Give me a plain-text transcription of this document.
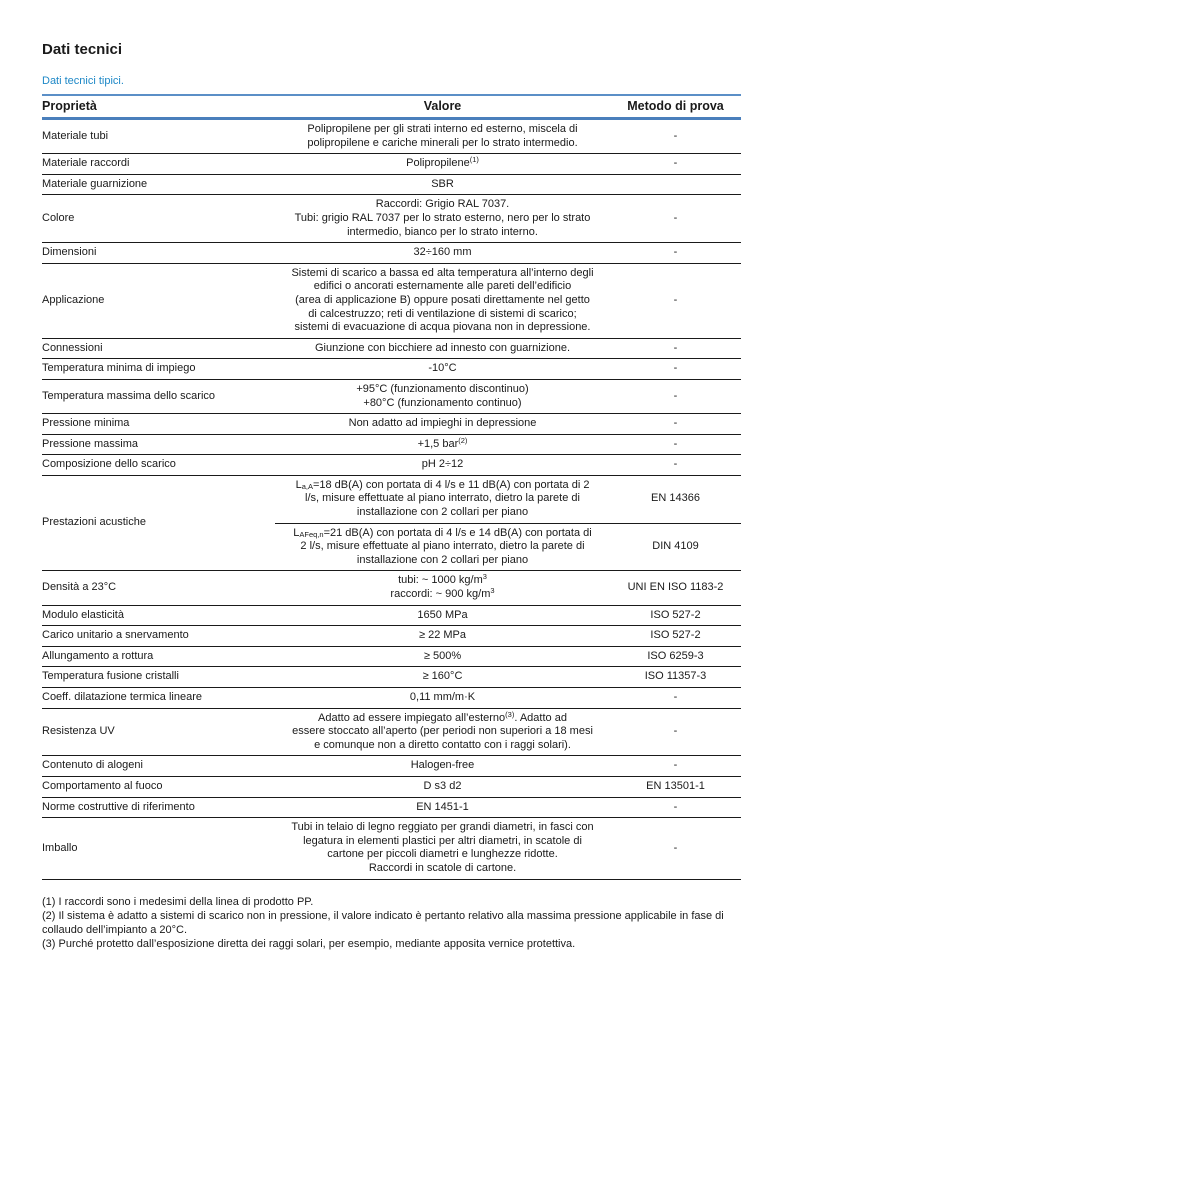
Dati tecnici
Dati tecnici tipici.
Proprietà	Valore	Metodo di prova
Materiale tubi	Polipropilene per gli strati interno ed esterno, miscela di
polipropilene e cariche minerali per lo strato intermedio.	-
Materiale raccordi	Polipropilene$^{(1)}$	-
Materiale guarnizione	SBR	

Colore	Raccordi: Grigio RAL 7037.
Tubi: grigio RAL 7037 per lo strato esterno, nero per lo strato
intermedio, bianco per lo strato interno.	-
Dimensioni	32÷160 mm	-
Applicazione	Sistemi di scarico a bassa ed alta temperatura all’interno degli
edifici o ancorati esternamente alle pareti dell’edificio
(area di applicazione B) oppure posati direttamente nel getto
di calcestruzzo; reti di ventilazione di sistemi di scarico;
sistemi di evacuazione di acqua piovana non in depressione.	-
Connessioni	Giunzione con bicchiere ad innesto con guarnizione.	-
Temperatura minima di impiego	-10°C	-
Temperatura massima dello scarico	+95°C (funzionamento discontinuo)
+80°C (funzionamento continuo)	-
Pressione minima	Non adatto ad impieghi in depressione	-
Pressione massima	+1,5 bar$^{(2)}$	-
Composizione dello scarico	pH 2÷12	-
Prestazioni acustiche	$L_{a,A}=18$ dB(A) con portata di 4 l/s e 11 dB(A) con portata di 2
l/s, misure effettuate al piano interrato, dietro la parete di
installazione con 2 collari per piano	EN 14366

	$L_{AFeq,n}=21$ dB(A) con portata di 4 l/s e 14 dB(A) con portata di
2 l/s, misure effettuate al piano interrato, dietro la parete di
installazione con 2 collari per piano	DIN 4109
Densità a 23°C	tubi: ~ 1000 $kg/m^3$
raccordi: ~ 900 $kg/m^3$	UNI EN ISO 1183-2
Modulo elasticità	1650 MPa	ISO 527-2
Carico unitario a snervamento	≥ 22 MPa	ISO 527-2
Allungamento a rottura	≥ 500%	ISO 6259-3
Temperatura fusione cristalli	≥ 160°C	ISO 11357-3
Coeff. dilatazione termica lineare	0,11 mm/m·K	-
Resistenza UV	Adatto ad essere impiegato all’esterno$^{(3)}$. Adatto ad
essere stoccato all’aperto (per periodi non superiori a 18 mesi
e comunque non a diretto contatto con i raggi solari).	-
Contenuto di alogeni	Halogen-free	-
Comportamento al fuoco	D s3 d2	EN 13501-1
Norme costruttive di riferimento	EN 1451-1	-
Imballo	Tubi in telaio di legno reggiato per grandi diametri, in fasci con
legatura in elementi plastici per altri diametri, in scatole di
cartone per piccoli diametri e lunghezze ridotte.
Raccordi in scatole di cartone.	-

(1) I raccordi sono i medesimi della linea di prodotto PP.

(2) Il sistema è adatto a sistemi di scarico non in pressione, il valore indicato è pertanto relativo alla massima pressione applicabile in fase di collaudo dell’impianto a 20°C.

(3) Purché protetto dall’esposizione diretta dei raggi solari, per esempio, mediante apposita vernice protettiva.
